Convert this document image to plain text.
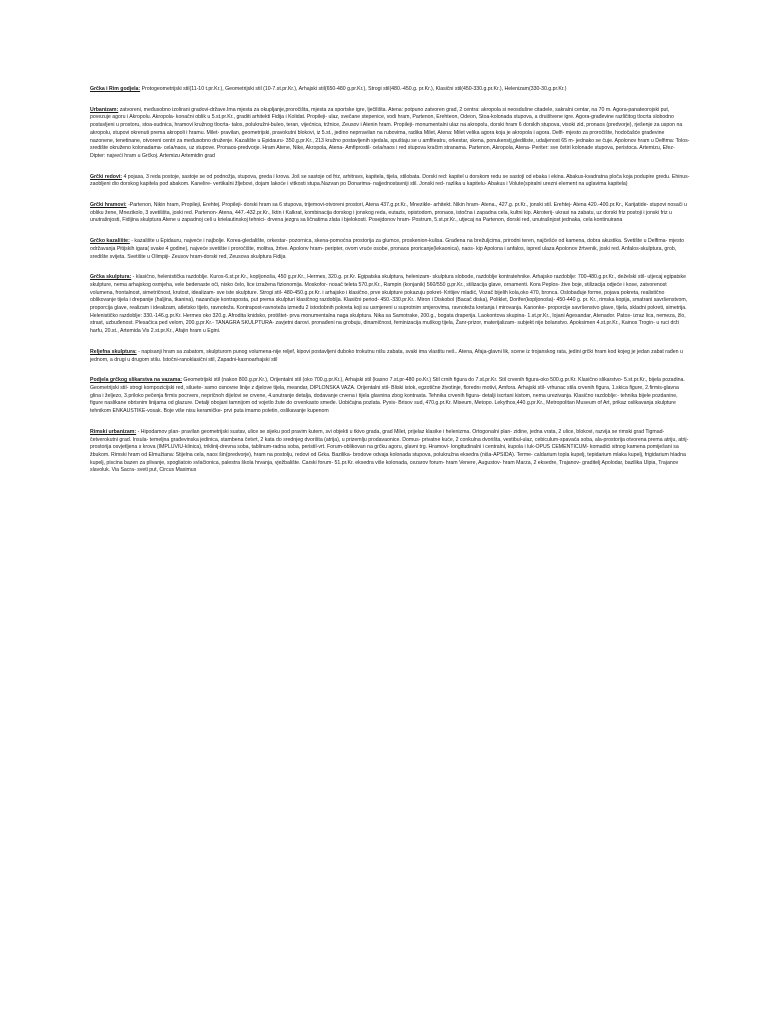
Grčka i Rim godjela: Protogeometrijski stil(11-10 t.pr.Kr.), Geometrijski stil (10-7.st.pr.Kr.), Arhajski stil(650-480 g.pr.Kr.), Strogi stil(480.-450.g. pr.Kr.), Klasični stil(450-330.g.pr.Kr.), Helenizam(330-30.g.pr.Kr.)

Urbanizam: zatvoreni, međusobno izolirani gradovi-države.Ima mjesta za okupljanje,proročišta, mjesta za sportske igre, lječilišta. Atena: potpuno zatvoren grad, 2 centra: akropola si neosdušne citadele, sakralni centar, na 70 m. Agora-panateorojski put, povezuje agoru i Akropolu. Akropola- konačni oblik u 5.st.pr.Kr., graditi arhitekti Fidija i Kolidat. Propileji- ulaz, svečane stepenice, vodi hram, Partenon, Erehteon, Odeon, Stoa-kolonada stupova, a druištvene igre. Agora-građevine različitog tlocrta slobodno postavljeni u prostoru, stoa-sudnica, hramovi kružnog tlocrta- talos, polukružni-buleo, teran, vijećnica, tržnice, Zeusov i Atenin hram. Propileji- monumentalni ulaz na akropolu, dorski hram 6 dorskih stupova, visoki zid, pronaos (predvorje), rješenje za uspon na akropolu, stupovi okrenuti prema akropoli i hramu. Milet- pravilan, geometrijski, pravokutni blokovi, iz 5.st., jedino neprravilan na rubovima, radika Milet, Atena: Milet velika agora koja je akropola i agora. Delfi- mjesto za proročište, hodočašće građevine nazonene, tenetinane, otvoreni centri za međusobno druženje. Kazalište u Epidauru- 350.g.pr.Kr., 213 kružno postavljenih sjedala, spuštaju se u amfiteatru, orkestar, skena, ponukenstj,glediliste, udaljenost 65 m- jednako se čuje. Apolonov hram u Delfima: Tolos- središte okruženo kolonadama- cela/naos, uz stupove. Pronaos-predvorje. Hram Atene, Nike, Akropola, Atena- Amfiprostil- cela/naos i red stupova kračim stranama. Partenon, Akropola, Atena- Periter: sve četiri kolonade stupova, peristoca. Artemizu, Efez- Dipter: najveći hram u Grčkoj. Artemizu Artemidin grad

Grčki redovi: 4 pojasa, 3 reda postoje, sastoje se od podnožja, stupova, greda i krova. Još se sastoje od friz, arhitravs, kapitela, tijela, stilobata. Dorski red: kapitel u dorskom redu se sastoji od ebaka i ekina. Abakus-kvadratna ploča koja podupire gredu. Ehinus- zaobljeni dio dorskog kapitela pod abakom. Kanelire- vertikalni žljebovi, dojam lakoće i vitkosti stupa.Nazvan po Donarima- najjednostavniji stil. Jonski red- razlika u kapitelu- Abakus i Volute(spiralni urezni element na uglavima kapitela)

Grčki hramovi: -Partenon, Nikin hram, Propileji, Erehtej. Propileji- dorski hram sa 6 stupova, trijemovi-otvoreni prostori, Atena 437.g.pr.Kr., Mnezikle- arhitekt. Nikin hram- Atena., 427.g. pr.Kr., jonski stil. Erehtej- Atena 420.-400.pr.Kr., Karijatide- stupovi nosači u obliku žene, Mnezikolo, 3 svetilišta, joski red. Partenon- Atena, 447.-432.pr.Kr., Iktin i Kalkrat, kombinacija dorskog i jonskog reda, eutazis, opistodom, pronaos, istočna i zapadna cela, kultni kip. Akroterij- ukrasi na zabatu, uz dorski friz postoji i jonski friz u unutrašnjosti, Fidijina skulptura Atene u zapadnoj celi u krielautinskoj tehnici- drvena jezgra sa ličnatima zlata i bjelokosti. Posejdonov hram- Postrum, 5.st.pr.Kr., utjecaj na Partenon, dorski red, unutrašnjost jednaka, cela kontinuirana

Grčko kazalište: - kazalište u Epidauru, najveće i najbolje. Korea-gledalište, orkestar- pozornica, skena-pomoćna prostorija za glumce, proskenion-kulisa. Građena na brežuljcima, prirodni teren, najčešće od kamena, dobra akustika. Svetište u Delfima- mjesto održavanja Pitijskih igara( svake 4 godine), najveće svetište i proročište, molitva, žrtve. Apolonv hram- peripter, ovom vruće osobe, pronaos proricanje(lekaonica), naos- kip Apolona i anfalos, ispred ulaza Apolonov žrtvenik, joski red. Anfalos-skulptura, grob, središte svijeta. Svetište u Olimpiji- Zeusov hram-dorski red, Zeusova skulptura Fidija

Grčka skulptura: - klasično, helenistička razdoblje. Kuros-6.st.pr.Kr., kopljonoša, 450 g.pr.Kr., Hermes, 320.g. pr.Kr. Egipatska skulptura, helenizam- skulptura slobode, razdoblje kontratehnike. Arhajsko razdoblje: 700-480.g.pr.Kr., deželski stil- utjecaj egipatske skulpture, nema arhajskog osmjeha, vele bedenaste oči, nisko čelo, lice izražena fizionomija. Moskofor- nosač teleta 570.pr.Kr., Rampin (konjanik) 560/550 g.pr.Kr., stilizacija glave, ornamenti. Kora Peplos- žive boje, stilizacija odjeće i kose, zatvorenost volumena, frontalnost, simetričnost, krutost, idealizam- sve iste skulpture. Strogi stil- 480-450.g.pr.Kr. i arhajsko i klasično, prve skulpture pokazuju pokret- Kritijev mladić, Vozač bijelih kola,oko 470, bronca. Oslobađuje forme, pojava pokreta, realistično oblikovanje tijela i drepanije (haljina, tkanina), nazančuje kontraposta, put prema skulpturi klasičnog razdoblja. Klasični period- 450.-330.pr.Kr.. Miron i Diskobol (Bacač diska), Poliklet, Dorifer(kopljonoša)- 450-440 g. pr. Kr., rimska kopija, smatrani savršenstvom, proporcija glave, realizam i idealizam, atletsko tijelo, ravnoteža. Kontrapost-ravnoteža između 2 istodobnih pokreta koji su usmjereni u suprotnim smjerovima, ravnoteža kretanja i mirovanja. Kanonke- proporcije savršenstvo glave, tijela, skladni pokreti, simetrija. Helenističko razdoblje: 330.-146.g.pr.Kr. Hermes oko 320.g. Afrodita knidsko, protištet- prva monumentalna naga skulptura. Nika sa Samotrake, 200.g., bogata draperija. Laokontova skupina- 1.st.pr.Kr., Iojani Agesandar, Atenador. Patos- izraz lica, nemeza, žlo, strast, uzbuđenost. Plesačica ped velom, 200.g.pr.Kr.- TANAGRA SKULPTURA- zavjetni darovi. pronađeni na grobuju, dinamičnost, feminizacija muškog tijela, Žanr-prizor, materijalizam- subjekt nije bolanstvo. Apoksimen 4.st.pr.Kr., Kainos Trogin- u ruci drži harfu, 20.st., Artemida Vis 2.st.pr.Kr., Afajin hram u Egini.

Reljefna skulptura: - napisanji hram sa zabatom, skulpturom punog volumena-nije reljef, kipovi postavljeni duboko trokutnu nišu zabata, svaki ima vlastitu neš.. Atena, Afaja-glavni lik, scene iz trojanskog rata, jedini grčki hram kod kojeg je jedan zabat rađen u jednom, a drugi u drugom stilu. Istočni-ranoklasični stil, Zapadni-kasnoarhajski stil

Podjela grčkog slikarstva na vazama: Geometrijski stil (nakon 800.g.pr.Kr.), Orijentalni stil (oko 700.g.pr.Kr.), Arhajski stil (kasno 7.st.pr-480 po.Kr.) Stil crnih figura do 7.st.pr.Kr. Stil crvenih figura-oko 500.g.pr.Kr. Klasično slikarstvo- 5.st.pr.Kr., bijela pozadina. Geometrijski stil- strogi kompozicijski red, siluete- samo osnovne linije z djelove tijela, meandar, DIPLONSKA VAZA. Orijentalni stil- Bliski istok, egzotične životinje, florednı motivi, Amfora. Arhajski stil- vrhunac stila crvenih figura, 1.skica figure, 2.firmis-glavna glina i željezo, 3.priloko pečenja firmis pocrvenı, nepričnoh dijelovi se crvene, 4.unutranje detalja, dodavanje crvena i tijela glavnina zbog kontrasta. Tehnika crvenih figura- detalji iscrtani kistom, nema urezivanja. Klasično razdoblje:- tehnika bijele pozdanine, figure naslikane obrisnim linijama od glazure. Detalji obojani tamnijom od vojetlo žute do crvenkasto smeđe. Uobičajna pozlata. Pyxis- Brisov sud, 470.g.pr.Kr. Miseum, Metopo. Lekythos,440.g.pr.Kr., Metropolitan Museum of Art, prikaz oslikavanja skulpture tehnikom ENKAUSTIKE-vosak. Boje više nisu keramičke- prvi puta imamo poletin, oslikavanje kupenom

Rimski urbanizam: - Hipodamov plan- pravilan geometrijski sustav, ulice se sijeku pod pravim kutem, svi objekti u tkivo grada, grad Milet, prijelaz klasike i helenizma. Ortogonalni plan- zidine, jedna vrata, 2 ulice, blokovi, razvija se rimski grad Tigmad- četverokutni grad. Insula- temeljna građevinska jedinica, stambena četvrt, 2 kata do srednjeg dvorišta (atrija), u prizemlju prodavaonice. Domus- privatne kuće, 2 conkulna dvorišta, vestibul-ulaz, cebiculum-spavaća soba, ala-prostorija otvorena prema atriju, atrij-prostorija osvjetljena s krova (IMPLUVIU-klinica), triklinij-drevna soba, tablinum-radna soba, peristil-vrt. Forum-oblikovan na grčku agoru, glavni trg. Hramovi- longitudinalni i centralni, kupola i luk-OPUS CEMENTICUM- komadići sitnog kamena pomiješani sa žbukom. Rimski hram od Elmužiana: Stijelna cela, naos šin(predvorje), hram na postolju, redovi od Grka. Bazilika- brodove odvaja kolonada stupova, polukružna eksedra (niša-APSIDA). Terme- caldarium topla kupelj, tepidarium mlaka kupelj, frigidarium hladna kupelj, piscina bazen za plivanje, spogliatoio svlačionica, palestra škola hrvanja, vježbalište. Carski forum- 51.pr.Kr. ekxedra više kolonada, cezarov forum- hram Venere, Augustov- hram Marza, 2 eksedre, Trajanov- graditelj Apolodar, bazilika Ulpia, Trajanov slavoluk. Via Sacra- sveti put, Circus Maximus
